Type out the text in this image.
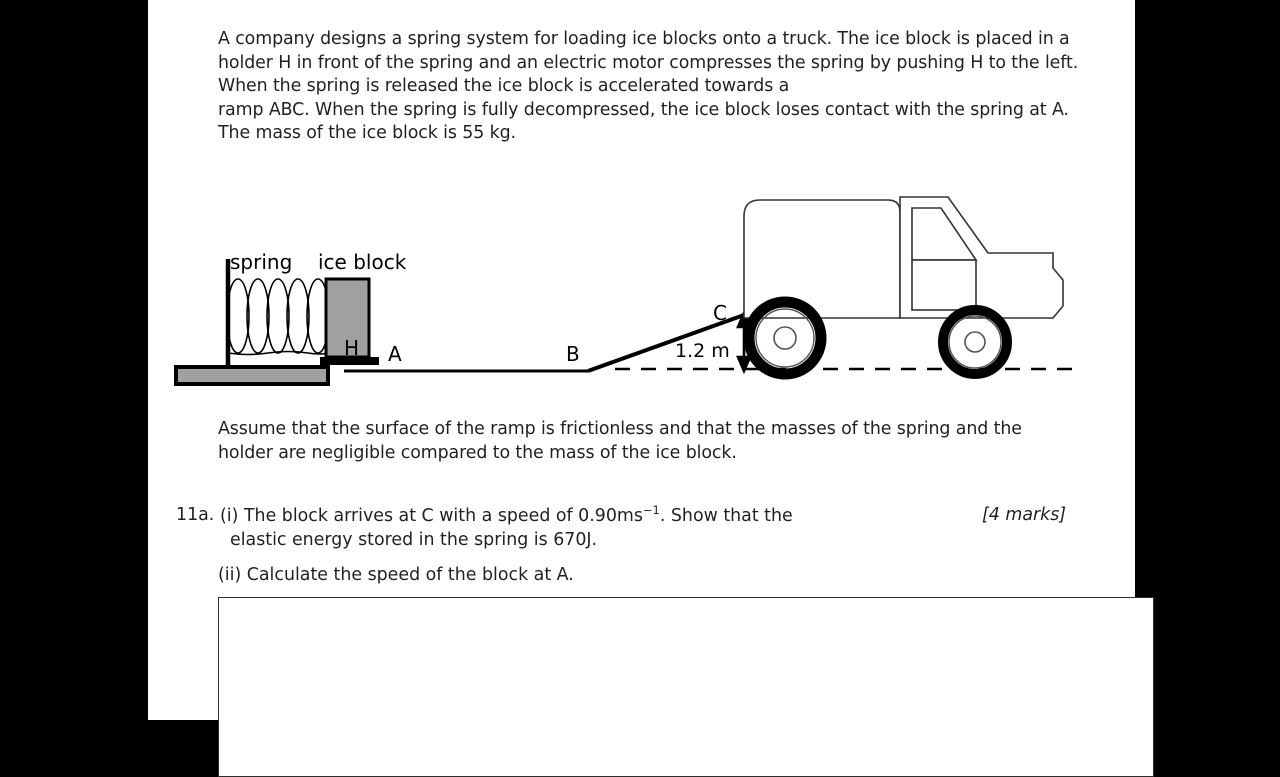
A company designs a spring system for loading ice blocks onto a truck. The ice block is placed in a holder H in front of the spring and an electric motor compresses the spring by pushing H to the left. When the spring is released the ice block is accelerated towards a
ramp ABC. When the spring is fully decompressed, the ice block loses contact with the spring at A. The mass of the ice block is 55 kg.
spring ice block
H A	B
C
1.2 m
Assume that the surface of the ramp is frictionless and that the masses of the spring and the holder are negligible compared to the mass of the ice block.
11a. (i) The block arrives at C with a speed of $0.90ms^{-1}$. Show that the
elastic energy stored in the spring is 670J.
[4 marks]
(ii) Calculate the speed of the block at A.
